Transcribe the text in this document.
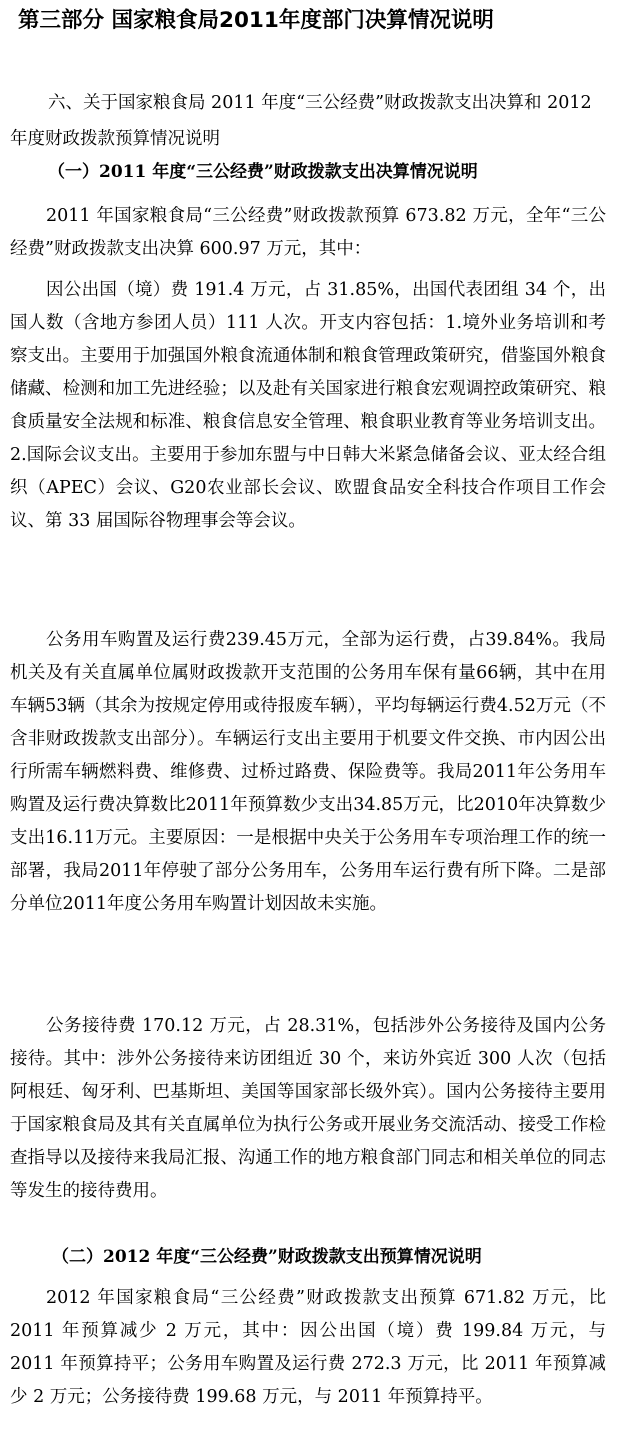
第三部分 国家粮食局2011年度部门决算情况说明

六、关于国家粮食局 2011 年度“三公经费”财政拨款支出决算和 2012 年度财政拨款预算情况说明

（一）2011 年度“三公经费”财政拨款支出决算情况说明

2011 年国家粮食局“三公经费”财政拨款预算 673.82 万元，全年“三公经费”财政拨款支出决算 600.97 万元，其中：

因公出国（境）费 191.4 万元，占 31.85%，出国代表团组 34 个，出国人数（含地方参团人员）111 人次。开支内容包括：1.境外业务培训和考察支出。主要用于加强国外粮食流通体制和粮食管理政策研究，借鉴国外粮食储藏、检测和加工先进经验；以及赴有关国家进行粮食宏观调控政策研究、粮食质量安全法规和标准、粮食信息安全管理、粮食职业教育等业务培训支出。2.国际会议支出。主要用于参加东盟与中日韩大米紧急储备会议、亚太经合组织（APEC）会议、G20农业部长会议、欧盟食品安全科技合作项目工作会议、第 33 届国际谷物理事会等会议。

公务用车购置及运行费239.45万元，全部为运行费，占39.84%。我局机关及有关直属单位属财政拨款开支范围的公务用车保有量66辆，其中在用车辆53辆（其余为按规定停用或待报废车辆），平均每辆运行费4.52万元（不含非财政拨款支出部分）。车辆运行支出主要用于机要文件交换、市内因公出行所需车辆燃料费、维修费、过桥过路费、保险费等。我局2011年公务用车购置及运行费决算数比2011年预算数少支出34.85万元，比2010年决算数少支出16.11万元。主要原因：一是根据中央关于公务用车专项治理工作的统一部署，我局2011年停驶了部分公务用车，公务用车运行费有所下降。二是部分单位2011年度公务用车购置计划因故未实施。

公务接待费 170.12 万元，占 28.31%，包括涉外公务接待及国内公务接待。其中：涉外公务接待来访团组近 30 个，来访外宾近 300 人次（包括阿根廷、匈牙利、巴基斯坦、美国等国家部长级外宾）。国内公务接待主要用于国家粮食局及其有关直属单位为执行公务或开展业务交流活动、接受工作检查指导以及接待来我局汇报、沟通工作的地方粮食部门同志和相关单位的同志等发生的接待费用。

（二）2012 年度“三公经费”财政拨款支出预算情况说明

2012 年国家粮食局“三公经费”财政拨款支出预算 671.82 万元，比 2011 年预算减少 2 万元，其中：因公出国（境）费 199.84 万元，与 2011 年预算持平；公务用车购置及运行费 272.3 万元，比 2011 年预算减少 2 万元；公务接待费 199.68 万元，与 2011 年预算持平。
